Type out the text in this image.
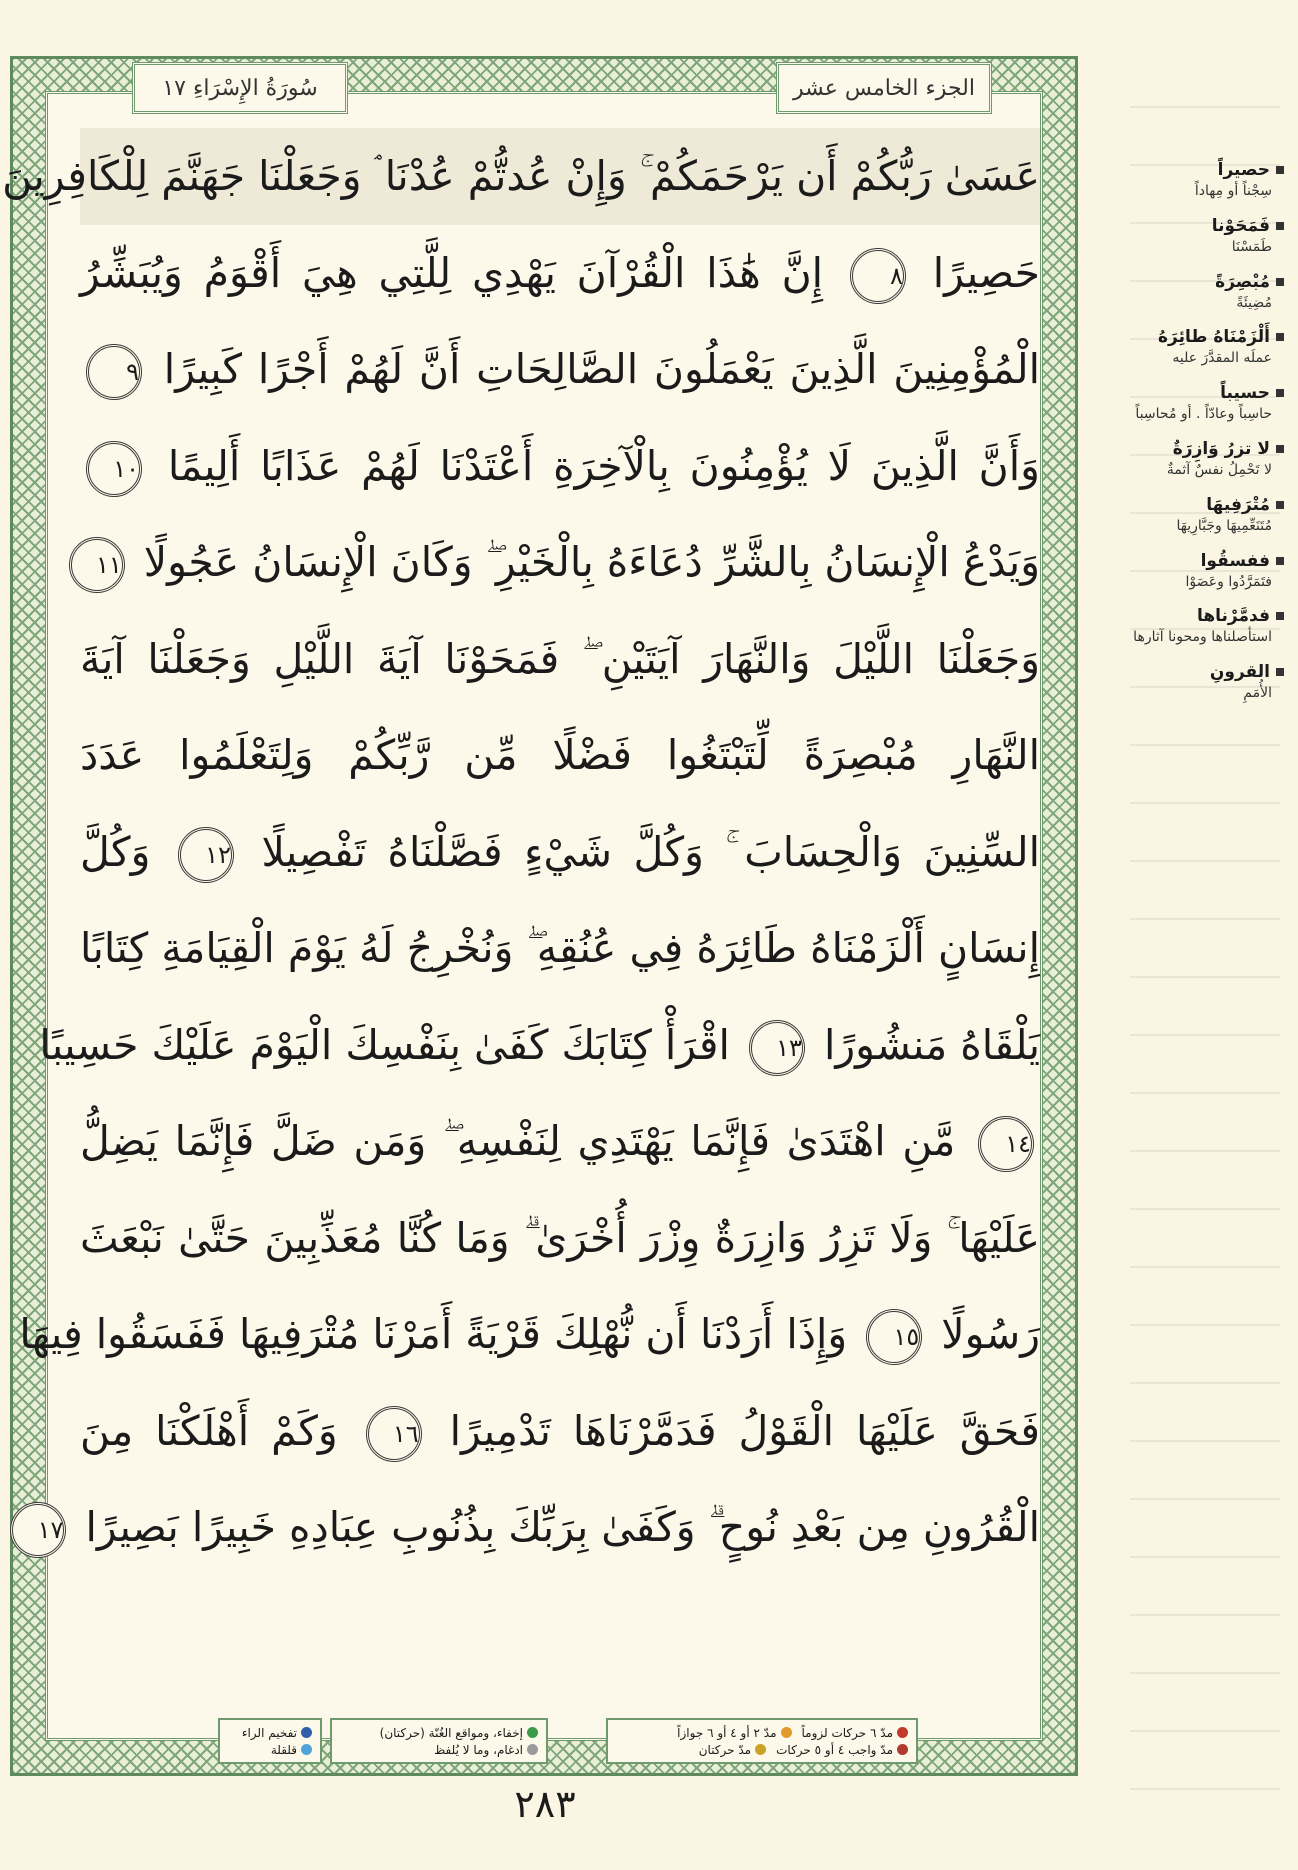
سُورَةُ الإِسْرَاءِ ١٧	الجزء الخامس عشر
عَسَىٰ رَبُّكُمْ أَن يَرْحَمَكُمْ ۚ وَإِنْ عُدتُّمْ عُدْنَا ۘ وَجَعَلْنَا جَهَنَّمَ لِلْكَافِرِينَ
حَصِيرًا ٨ إِنَّ هَٰذَا الْقُرْآنَ يَهْدِي لِلَّتِي هِيَ أَقْوَمُ وَيُبَشِّرُ
الْمُؤْمِنِينَ الَّذِينَ يَعْمَلُونَ الصَّالِحَاتِ أَنَّ لَهُمْ أَجْرًا كَبِيرًا ٩
وَأَنَّ الَّذِينَ لَا يُؤْمِنُونَ بِالْآخِرَةِ أَعْتَدْنَا لَهُمْ عَذَابًا أَلِيمًا ١٠
وَيَدْعُ الْإِنسَانُ بِالشَّرِّ دُعَاءَهُ بِالْخَيْرِ ۖ وَكَانَ الْإِنسَانُ عَجُولًا ١١
وَجَعَلْنَا اللَّيْلَ وَالنَّهَارَ آيَتَيْنِ ۖ فَمَحَوْنَا آيَةَ اللَّيْلِ وَجَعَلْنَا آيَةَ
النَّهَارِ مُبْصِرَةً لِّتَبْتَغُوا فَضْلًا مِّن رَّبِّكُمْ وَلِتَعْلَمُوا عَدَدَ
السِّنِينَ وَالْحِسَابَ ۚ وَكُلَّ شَيْءٍ فَصَّلْنَاهُ تَفْصِيلًا ١٢ وَكُلَّ
إِنسَانٍ أَلْزَمْنَاهُ طَائِرَهُ فِي عُنُقِهِ ۖ وَنُخْرِجُ لَهُ يَوْمَ الْقِيَامَةِ كِتَابًا
يَلْقَاهُ مَنشُورًا ١٣ اقْرَأْ كِتَابَكَ كَفَىٰ بِنَفْسِكَ الْيَوْمَ عَلَيْكَ حَسِيبًا
١٤ مَّنِ اهْتَدَىٰ فَإِنَّمَا يَهْتَدِي لِنَفْسِهِ ۖ وَمَن ضَلَّ فَإِنَّمَا يَضِلُّ
عَلَيْهَا ۚ وَلَا تَزِرُ وَازِرَةٌ وِزْرَ أُخْرَىٰ ۗ وَمَا كُنَّا مُعَذِّبِينَ حَتَّىٰ نَبْعَثَ
رَسُولًا ١٥ وَإِذَا أَرَدْنَا أَن نُّهْلِكَ قَرْيَةً أَمَرْنَا مُتْرَفِيهَا فَفَسَقُوا فِيهَا
فَحَقَّ عَلَيْهَا الْقَوْلُ فَدَمَّرْنَاهَا تَدْمِيرًا ١٦ وَكَمْ أَهْلَكْنَا مِنَ
الْقُرُونِ مِن بَعْدِ نُوحٍ ۗ وَكَفَىٰ بِرَبِّكَ بِذُنُوبِ عِبَادِهِ خَبِيرًا بَصِيرًا ١٧
تفخيم الراء
قلقلة
إخفاء، ومواقع الغُنّة (حركتان)
ادغام، وما لا يُلفظ
مدّ ٦ حركات لزوماً
مدّ ٢ أو ٤ أو ٦ جوازاً
مدّ واجب ٤ أو ٥ حركات
مدّ حركتان
٢٨٣
حصيراً
سِجْناً أو مِهاداً
فَمَحَوْنا
طَمَسْنَا
مُبْصِرَةً
مُضِيئَةً
أَلْزَمْنَاهُ طائِرَهُ
عملَه المقدَّرَ عليه
حسيباً
حاسِباً وعادّاً . أو مُحاسِباً
لا تزرُ وَازِرَةٌ
لا تَحْمِلُ نفسٌ آثمةٌ
مُتْرَفِيهَا
مُتَنَعِّمِيهَا وجَبَّارِيهَا
ففسقُوا
فتَمَرَّدُوا وعَصَوْا
فدمَّرْناها
استأصلناها ومحونا آثارها
القرونِ
الأُمَمِ
